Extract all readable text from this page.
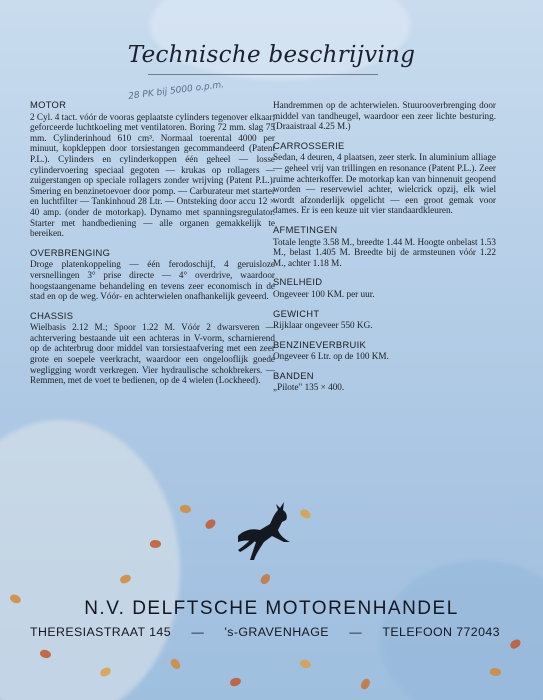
Technische beschrijving
28 PK bij 5000 o.p.m.
MOTOR
2 Cyl. 4 tact. vóór de vooras geplaatste cylinders tegenover elkaar; geforceerde luchtkoeling met ventilatoren. Boring 72 mm. slag 75 mm. Cylinderinhoud 610 cm³. Normaal toerental 4000 per minuut, kopkleppen door torsiestangen gecommandeerd (Patent P.L.). Cylinders en cylinderkoppen één geheel — losse cylindervoering speciaal gegoten — krukas op rollagers — zuigerstangen op speciale rollagers zonder wrijving (Patent P.L.). Smering en benzinetoevoer door pomp. — Carburateur met starter en luchtfilter — Tankinhoud 28 Ltr. — Ontsteking door accu 12 × 40 amp. (onder de motorkap). Dynamo met spanningsregulator. Starter met handbediening — alle organen gemakkelijk te bereiken.
OVERBRENGING
Droge platenkoppeling — één ferodoschijf, 4 geruisloze versnellingen 3° prise directe — 4° overdrive, waardoor hoogstaangename behandeling en tevens zeer economisch in de stad en op de weg. Vóór- en achterwielen onafhankelijk geveerd.
CHASSIS
Wielbasis 2.12 M.; Spoor 1.22 M. Vóór 2 dwarsveren — achtervering bestaande uit een achteras in V-vorm, scharnierend op de achterbrug door middel van torsiestaafvering met een zeer grote en soepele veerkracht, waardoor een ongelooflijk goede wegligging wordt verkregen. Vier hydraulische schokbrekers. — Remmen, met de voet te bedienen, op de 4 wielen (Lockheed).
Handremmen op de achterwielen. Stuurooverbrenging door middel van tandheugel, waardoor een zeer lichte besturing. (Draaistraal 4.25 M.)
CARROSSERIE
Sedan, 4 deuren, 4 plaatsen, zeer sterk. In aluminium alliage — geheel vrij van trillingen en resonance (Patent P.L.). Zeer ruime achterkoffer. De motorkap kan van binnenuit geopend worden — reservewiel achter, wielcrick opzij, elk wiel wordt afzonderlijk opgelicht — een groot gemak voor dames. Er is een keuze uit vier standaardkleuren.
AFMETINGEN
Totale lengte 3.58 M., breedte 1.44 M. Hoogte onbelast 1.53 M., belast 1.405 M. Breedte bij de armsteunen vóór 1.22 M., achter 1.18 M.
SNELHEID
Ongeveer 100 KM. per uur.
GEWICHT
Rijklaar ongeveer 550 KG.
BENZINEVERBRUIK
Ongeveer 6 Ltr. op de 100 KM.
BANDEN
„Pilote" 135 × 400.
N.V. DELFTSCHE MOTORENHANDEL
THERESIASTRAAT 145 — 's-GRAVENHAGE — TELEFOON 772043
